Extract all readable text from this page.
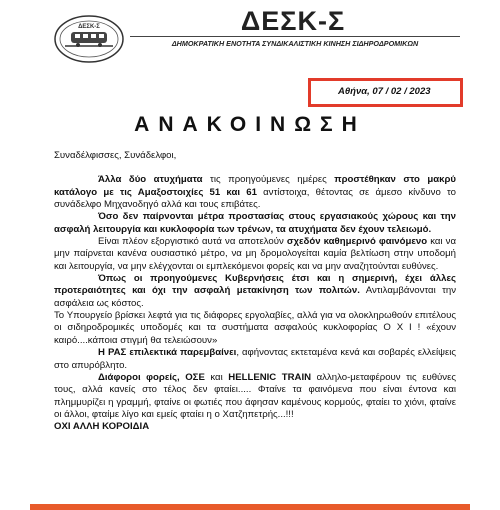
ΔΕΣΚ-Σ	ΔΕΣΚ-Σ
ΔΗΜΟΚΡΑΤΙΚΗ ΕΝΟΤΗΤΑ ΣΥΝΔΙΚΑΛΙΣΤΙΚΗ ΚΙΝΗΣΗ ΣΙΔΗΡΟΔΡΟΜΙΚΩΝ
Αθήνα, 07 / 02 / 2023
ΑΝΑΚΟΙΝΩΣΗ

Συναδέλφισσες, Συνάδελφοι,

Άλλα δύο ατυχήματα τις προηγούμενες ημέρες προστέθηκαν στο μακρύ κατάλογο με τις Αμαξοστοιχίες 51 και 61 αντίστοιχα, θέτοντας σε άμεσο κίνδυνο το συνάδελφο Μηχανοδηγό αλλά και τους επιβάτες.

Όσο δεν παίρνονται μέτρα προστασίας στους εργασιακούς χώρους και την ασφαλή λειτουργία και κυκλοφορία των τρένων, τα ατυχήματα δεν έχουν τελειωμό.

Είναι πλέον εξοργιστικό αυτά να αποτελούν σχεδόν καθημερινό φαινόμενο και να μην παίρνεται κανένα ουσιαστικό μέτρο, να μη δρομολογείται καμία βελτίωση στην υποδομή και λειτουργία, να μην ελέγχονται οι εμπλεκόμενοι φορείς και να μην αναζητούνται ευθύνες.

Όπως οι προηγούμενες Κυβερνήσεις έτσι και η σημερινή, έχει άλλες προτεραιότητες και όχι την ασφαλή μετακίνηση των πολιτών. Αντιλαμβάνονται την ασφάλεια ως κόστος.

Το Υπουργείο βρίσκει λεφτά για τις διάφορες εργολαβίες, αλλά για να ολοκληρωθούν επιτέλους οι σιδηροδρομικές υποδομές και τα συστήματα ασφαλούς κυκλοφορίας Ο Χ Ι ! «έχουν καιρό....κάποια στιγμή θα τελειώσουν»

Η ΡΑΣ επιλεκτικά παρεμβαίνει, αφήνοντας εκτεταμένα κενά και σοβαρές ελλείψεις στο απυρόβλητο.

Διάφοροι φορείς, ΟΣΕ και HELLENIC TRAIN αλληλο-μεταφέρουν τις ευθύνες τους, αλλά κανείς στο τέλος δεν φταίει..... Φταίνε τα φαινόμενα που είναι έντονα και πλημμυρίζει η γραμμή, φταίνε οι φωτιές που άφησαν καμένους κορμούς, φταίει το χιόνι, φταίνε οι άλλοι, φταίμε λίγο και εμείς φταίει η ο Χατζηπετρής...!!!

ΟΧΙ ΑΛΛΗ ΚΟΡΟΙΔΙΑ
